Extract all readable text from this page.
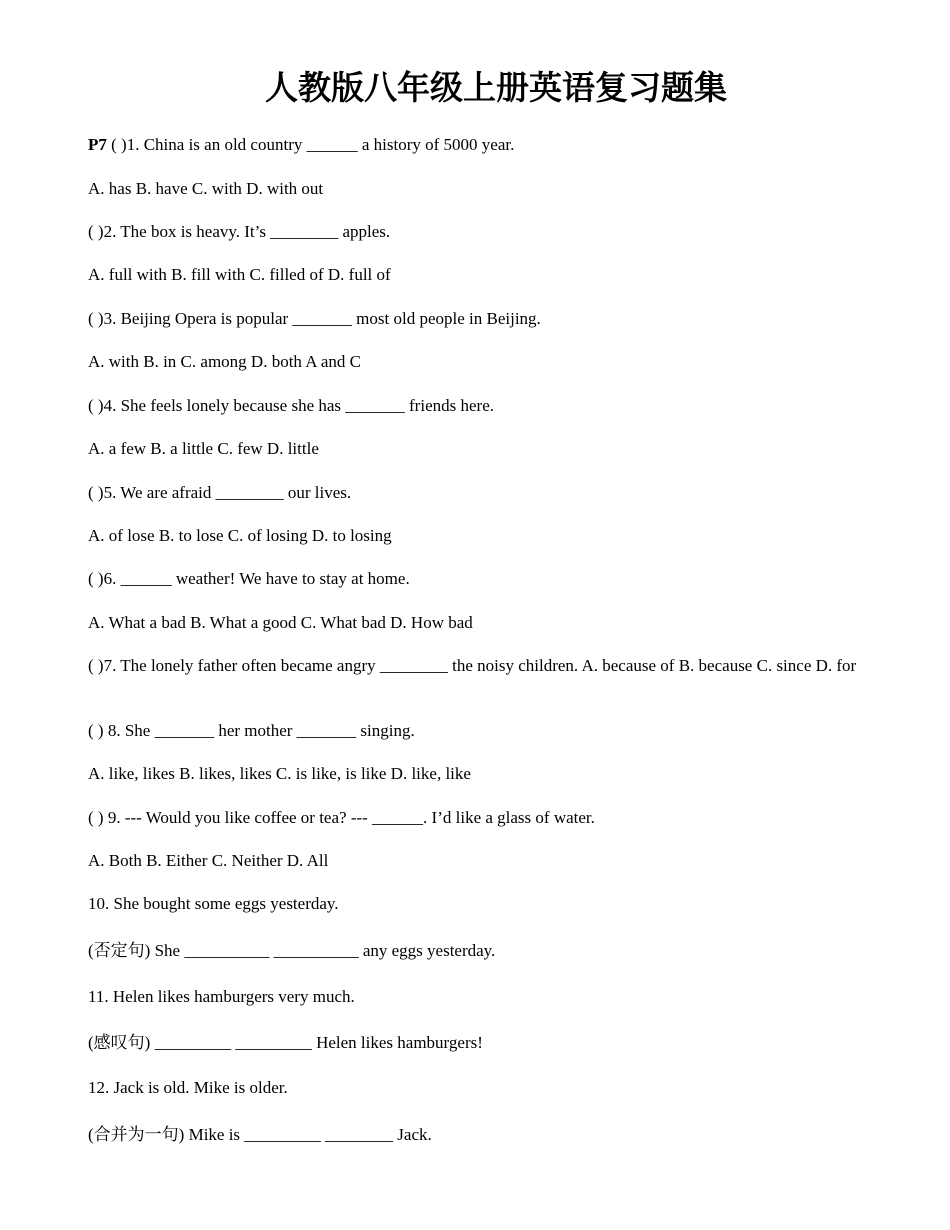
人教版八年级上册英语复习题集

P7 ( )1. China is an old country ______ a history of 5000 year.

A. has B. have C. with D. with out

( )2. The box is heavy. It’s ________ apples.

A. full with B. fill with C. filled of D. full of

( )3. Beijing Opera is popular _______ most old people in Beijing.

A. with B. in C. among D. both A and C

( )4. She feels lonely because she has _______ friends here.

A. a few B. a little C. few D. little

( )5. We are afraid ________ our lives.

A. of lose B. to lose C. of losing D. to losing

( )6. ______ weather! We have to stay at home.

A. What a bad B. What a good C. What bad D. How bad

( )7. The lonely father often became angry ________ the noisy children. A. because of B. because C. since D. for

( ) 8. She _______ her mother _______ singing.

A. like, likes B. likes, likes C. is like, is like D. like, like

( ) 9. --- Would you like coffee or tea? --- ______. I’d like a glass of water.

A. Both B. Either C. Neither D. All

10. She bought some eggs yesterday.

(否定句) She __________ __________ any eggs yesterday.

11. Helen likes hamburgers very much.

(感叹句) _________ _________ Helen likes hamburgers!

12. Jack is old. Mike is older.

(合并为一句) Mike is _________ ________ Jack.
